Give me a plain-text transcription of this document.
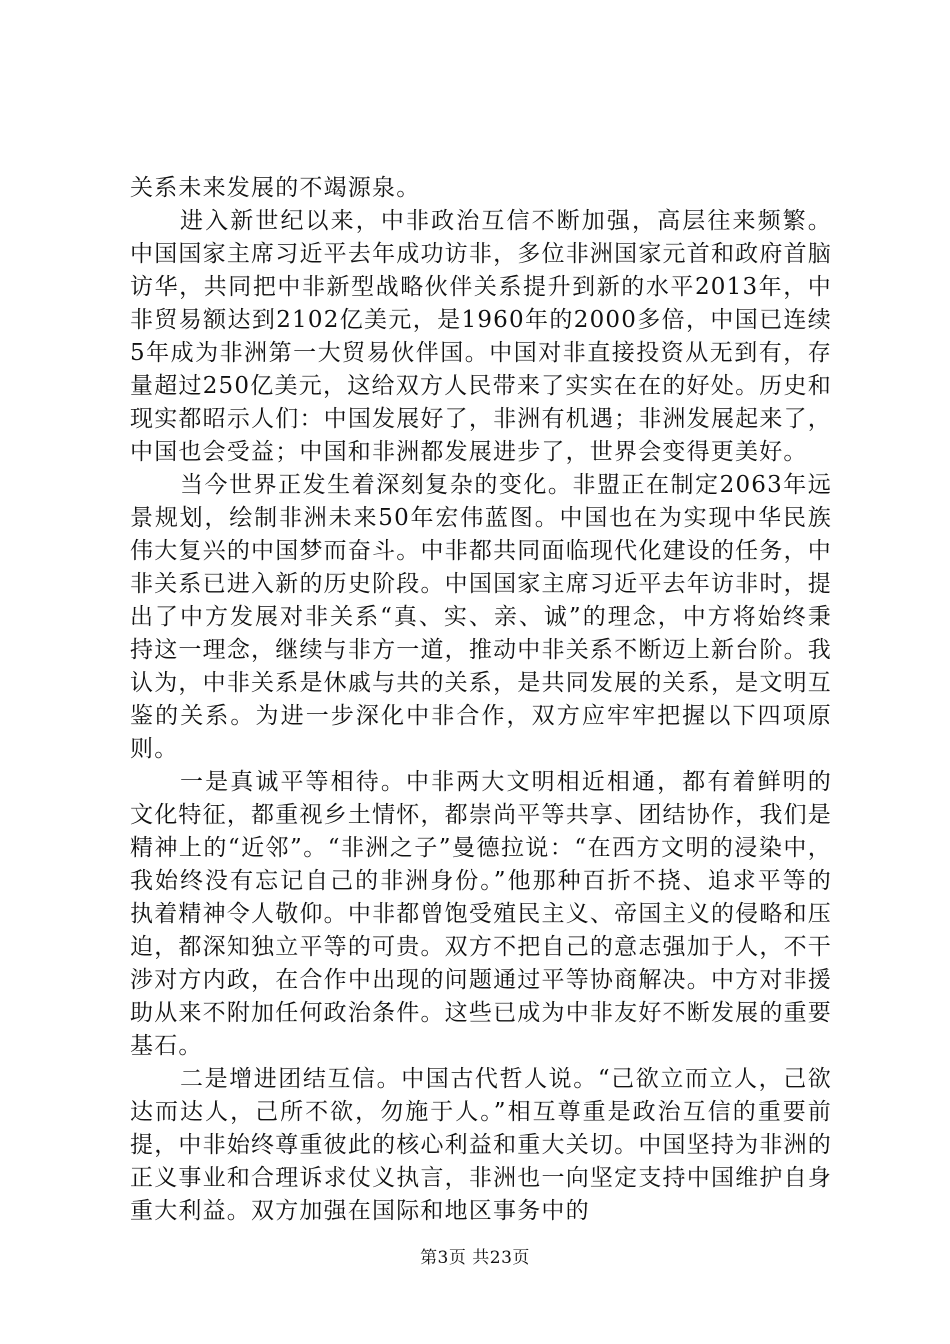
关系未来发展的不竭源泉。

进入新世纪以来，中非政治互信不断加强，高层往来频繁。中国国家主席习近平去年成功访非，多位非洲国家元首和政府首脑访华，共同把中非新型战略伙伴关系提升到新的水平2013年，中非贸易额达到2102亿美元，是1960年的2000多倍，中国已连续5年成为非洲第一大贸易伙伴国。中国对非直接投资从无到有，存量超过250亿美元，这给双方人民带来了实实在在的好处。历史和现实都昭示人们：中国发展好了，非洲有机遇；非洲发展起来了，中国也会受益；中国和非洲都发展进步了，世界会变得更美好。

当今世界正发生着深刻复杂的变化。非盟正在制定2063年远景规划，绘制非洲未来50年宏伟蓝图。中国也在为实现中华民族伟大复兴的中国梦而奋斗。中非都共同面临现代化建设的任务，中非关系已进入新的历史阶段。中国国家主席习近平去年访非时，提出了中方发展对非关系“真、实、亲、诚”的理念，中方将始终秉持这一理念，继续与非方一道，推动中非关系不断迈上新台阶。我认为，中非关系是休戚与共的关系，是共同发展的关系，是文明互鉴的关系。为进一步深化中非合作，双方应牢牢把握以下四项原则。

一是真诚平等相待。中非两大文明相近相通，都有着鲜明的文化特征，都重视乡土情怀，都崇尚平等共享、团结协作，我们是精神上的“近邻”。“非洲之子”曼德拉说：“在西方文明的浸染中，我始终没有忘记自己的非洲身份。”他那种百折不挠、追求平等的执着精神令人敬仰。中非都曾饱受殖民主义、帝国主义的侵略和压迫，都深知独立平等的可贵。双方不把自己的意志强加于人，不干涉对方内政，在合作中出现的问题通过平等协商解决。中方对非援助从来不附加任何政治条件。这些已成为中非友好不断发展的重要基石。

二是增进团结互信。中国古代哲人说。“己欲立而立人，己欲达而达人，己所不欲，勿施于人。”相互尊重是政治互信的重要前提，中非始终尊重彼此的核心利益和重大关切。中国坚持为非洲的正义事业和合理诉求仗义执言，非洲也一向坚定支持中国维护自身重大利益。双方加强在国际和地区事务中的

第3页 共23页
